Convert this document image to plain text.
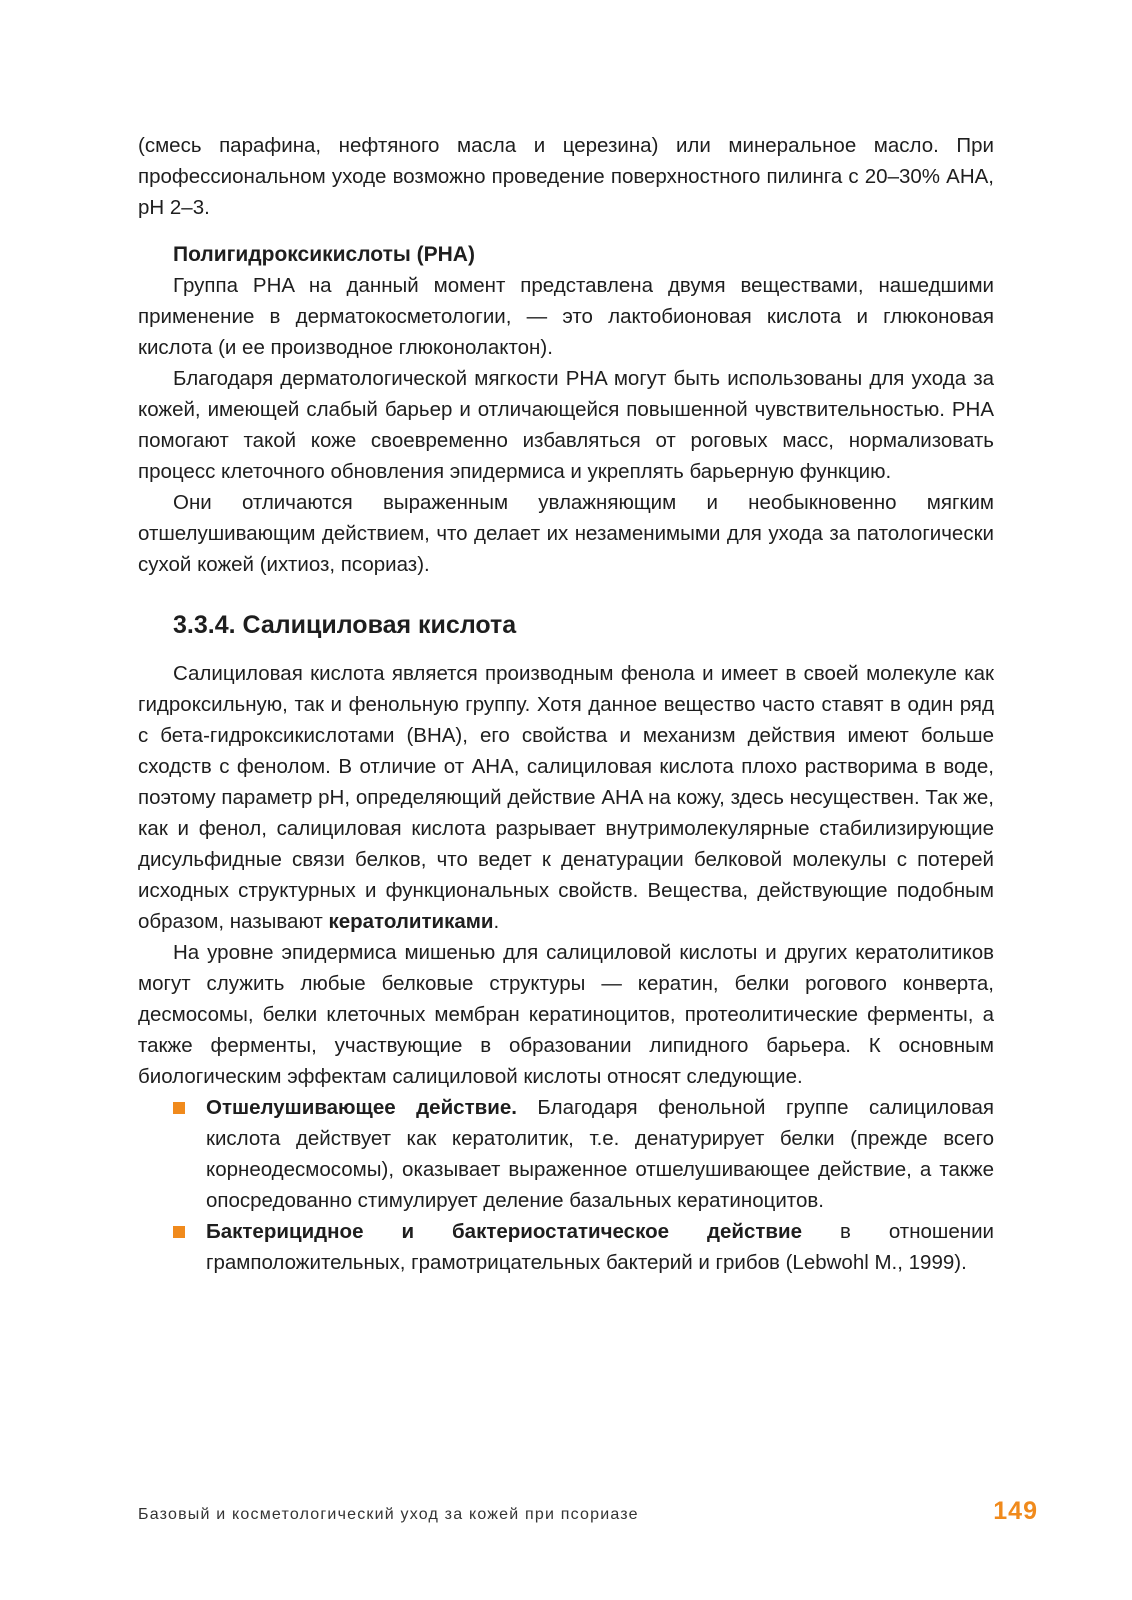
(смесь парафина, нефтяного масла и церезина) или минеральное масло. При профессиональном уходе возможно проведение поверхностного пилинга с 20–30% AHA, pH 2–3.

Полигидроксикислоты (PHA)

Группа PHA на данный момент представлена двумя веществами, нашедшими применение в дерматокосметологии, — это лактобионовая кислота и глюконовая кислота (и ее производное глюконолактон).

Благодаря дерматологической мягкости PHA могут быть использованы для ухода за кожей, имеющей слабый барьер и отличающейся повышенной чувствительностью. PHA помогают такой коже своевременно избавляться от роговых масс, нормализовать процесс клеточного обновления эпидермиса и укреплять барьерную функцию.

Они отличаются выраженным увлажняющим и необыкновенно мягким отшелушивающим действием, что делает их незаменимыми для ухода за патологически сухой кожей (ихтиоз, псориаз).

3.3.4. Салициловая кислота

Салициловая кислота является производным фенола и имеет в своей молекуле как гидроксильную, так и фенольную группу. Хотя данное вещество часто ставят в один ряд с бета-гидроксикислотами (BHA), его свойства и механизм действия имеют больше сходств с фенолом. В отличие от AHA, салициловая кислота плохо растворима в воде, поэтому параметр pH, определяющий действие AHA на кожу, здесь несуществен. Так же, как и фенол, салициловая кислота разрывает внутримолекулярные стабилизирующие дисульфидные связи белков, что ведет к денатурации белковой молекулы с потерей исходных структурных и функциональных свойств. Вещества, действующие подобным образом, называют кератолитиками.

На уровне эпидермиса мишенью для салициловой кислоты и других кератолитиков могут служить любые белковые структуры — кератин, белки рогового конверта, десмосомы, белки клеточных мембран кератиноцитов, протеолитические ферменты, а также ферменты, участвующие в образовании липидного барьера. К основным биологическим эффектам салициловой кислоты относят следующие.

Отшелушивающее действие. Благодаря фенольной группе салициловая кислота действует как кератолитик, т.е. денатурирует белки (прежде всего корнеодесмосомы), оказывает выраженное отшелушивающее действие, а также опосредованно стимулирует деление базальных кератиноцитов.
Бактерицидное и бактериостатическое действие в отношении грамположительных, грамотрицательных бактерий и грибов (Lebwohl M., 1999).
Базовый и косметологический уход за кожей при псориазе	149
